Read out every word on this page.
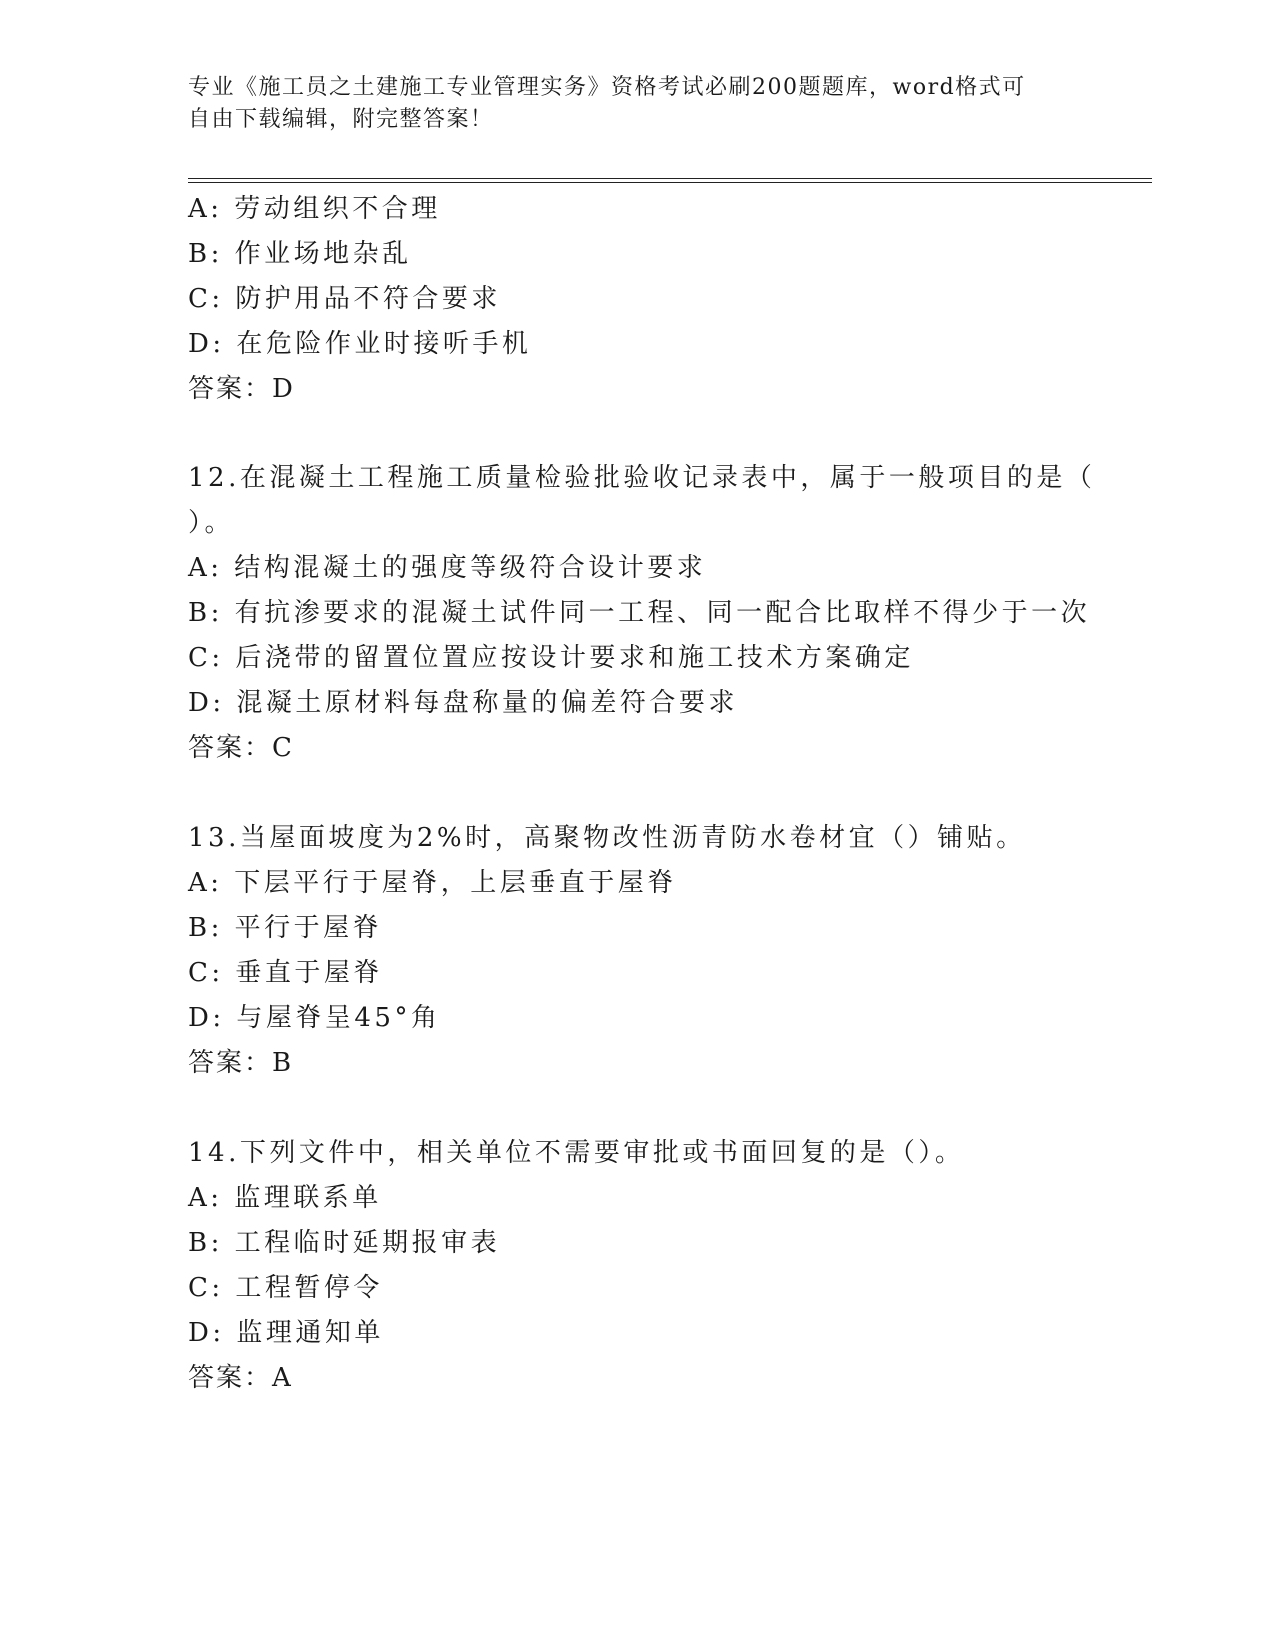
专业《施工员之土建施工专业管理实务》资格考试必刷200题题库，word格式可
自由下载编辑，附完整答案！
A: 劳动组织不合理
B: 作业场地杂乱
C: 防护用品不符合要求
D: 在危险作业时接听手机
答案：D
12.在混凝土工程施工质量检验批验收记录表中，属于一般项目的是（
）。
A: 结构混凝土的强度等级符合设计要求
B: 有抗渗要求的混凝土试件同一工程、同一配合比取样不得少于一次
C: 后浇带的留置位置应按设计要求和施工技术方案确定
D: 混凝土原材料每盘称量的偏差符合要求
答案：C
13.当屋面坡度为2%时，高聚物改性沥青防水卷材宜（）铺贴。
A: 下层平行于屋脊，上层垂直于屋脊
B: 平行于屋脊
C: 垂直于屋脊
D: 与屋脊呈45°角
答案：B
14.下列文件中，相关单位不需要审批或书面回复的是（）。
A: 监理联系单
B: 工程临时延期报审表
C: 工程暂停令
D: 监理通知单
答案：A
